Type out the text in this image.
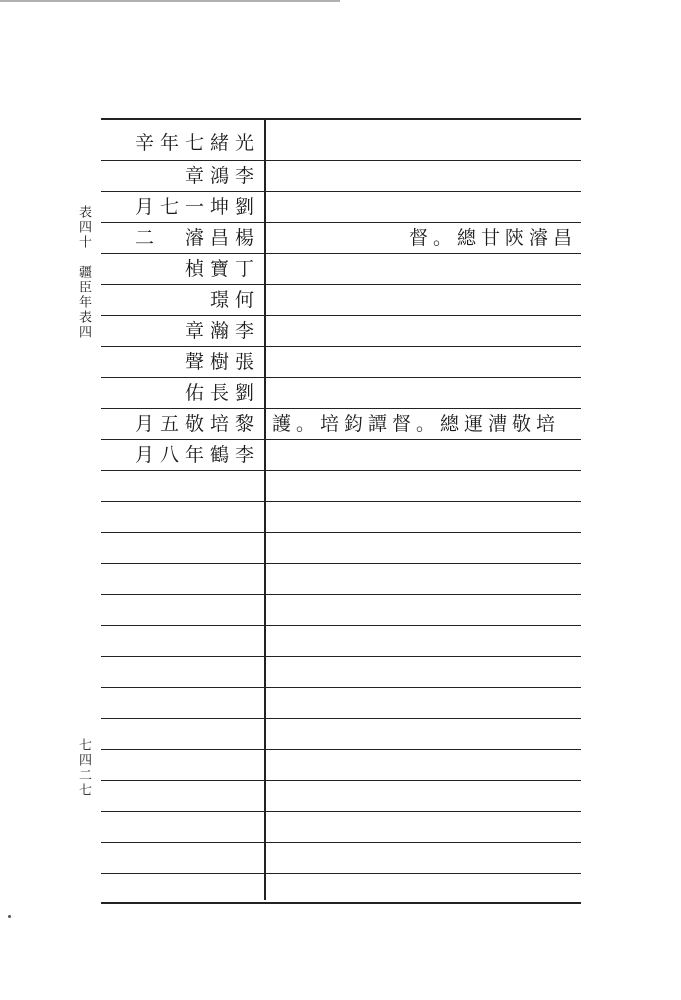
表四十　疆臣年表四
七四二七
辛年七緒光
章鴻李
月七一坤劉
二　濬昌楊
楨寶丁
璟何
章瀚李
聲樹張
佑長劉
月五敬培黎
月八年鶴李
督。總甘陝濬昌
護。培鈞譚督。總運漕敬培
